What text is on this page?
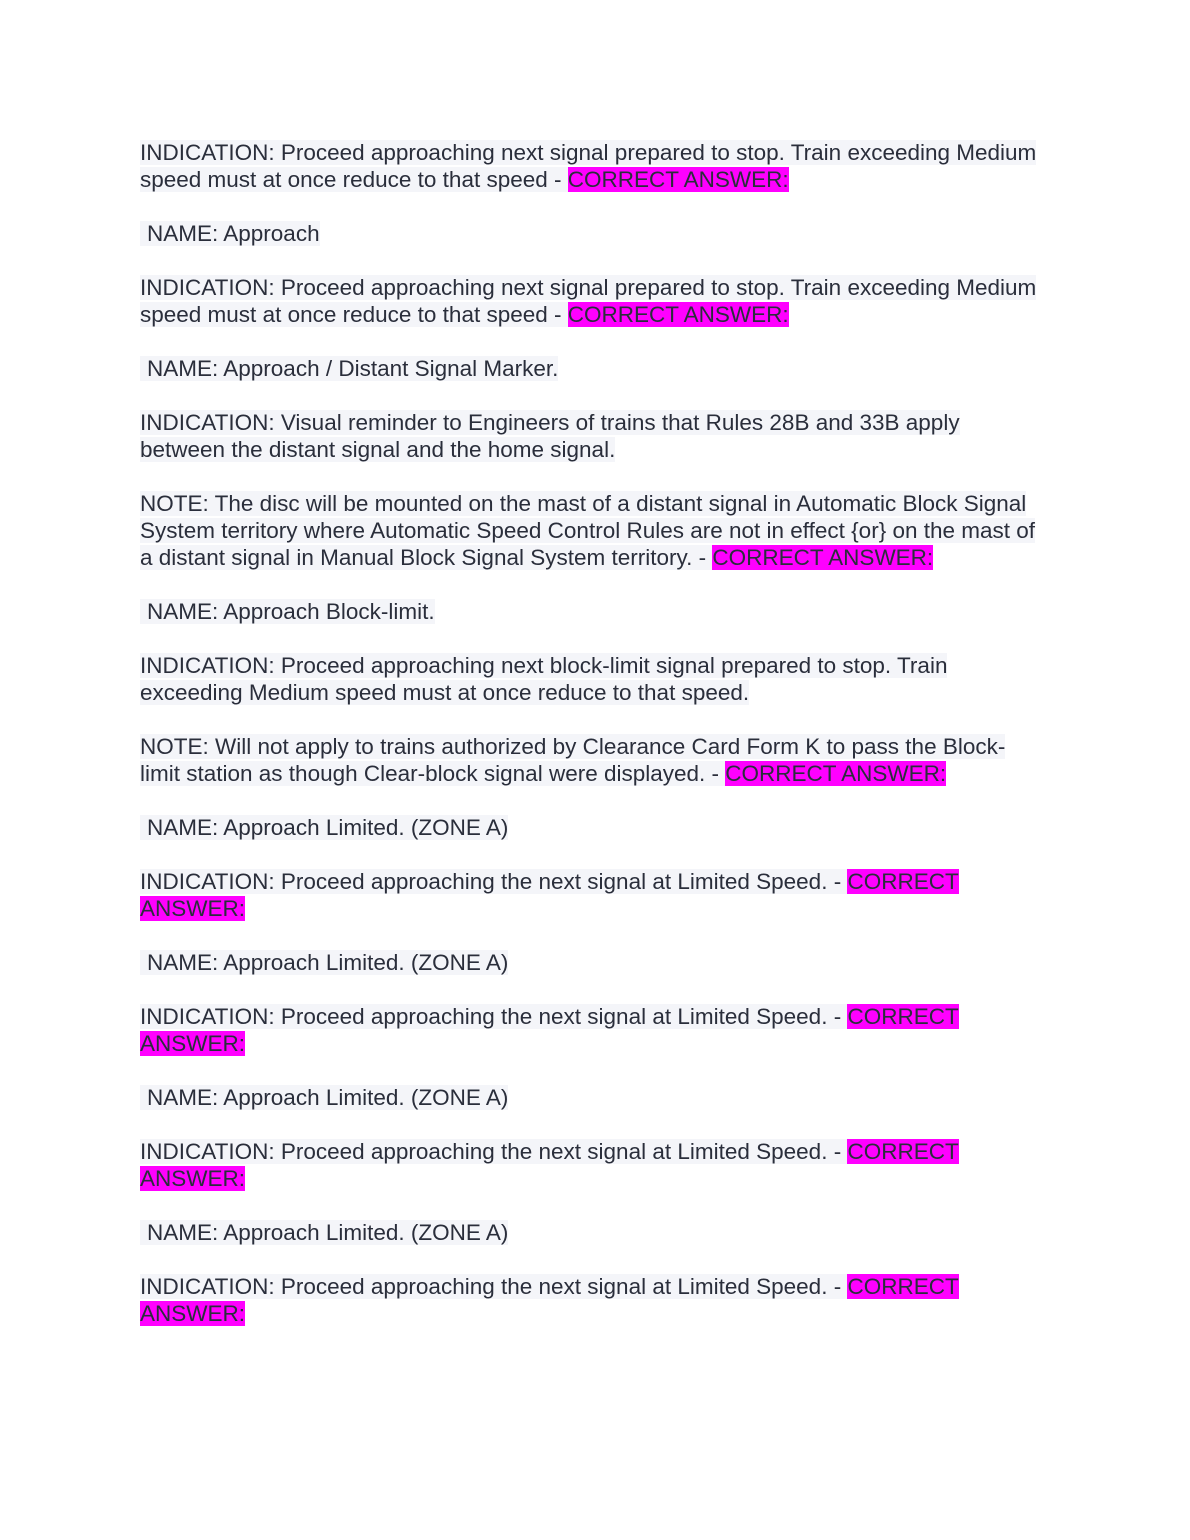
INDICATION: Proceed approaching next signal prepared to stop. Train exceeding Medium speed must at once reduce to that speed - CORRECT ANSWER:

NAME: Approach

INDICATION: Proceed approaching next signal prepared to stop. Train exceeding Medium speed must at once reduce to that speed - CORRECT ANSWER:

NAME: Approach / Distant Signal Marker.

INDICATION: Visual reminder to Engineers of trains that Rules 28B and 33B apply between the distant signal and the home signal.

NOTE: The disc will be mounted on the mast of a distant signal in Automatic Block Signal System territory where Automatic Speed Control Rules are not in effect {or} on the mast of a distant signal in Manual Block Signal System territory. - CORRECT ANSWER:

NAME: Approach Block-limit.

INDICATION: Proceed approaching next block-limit signal prepared to stop. Train exceeding Medium speed must at once reduce to that speed.

NOTE: Will not apply to trains authorized by Clearance Card Form K to pass the Block-limit station as though Clear-block signal were displayed. - CORRECT ANSWER:

NAME: Approach Limited. (ZONE A)

INDICATION: Proceed approaching the next signal at Limited Speed. - CORRECT ANSWER:

NAME: Approach Limited. (ZONE A)

INDICATION: Proceed approaching the next signal at Limited Speed. - CORRECT ANSWER:

NAME: Approach Limited. (ZONE A)

INDICATION: Proceed approaching the next signal at Limited Speed. - CORRECT ANSWER:

NAME: Approach Limited. (ZONE A)

INDICATION: Proceed approaching the next signal at Limited Speed. - CORRECT ANSWER:
